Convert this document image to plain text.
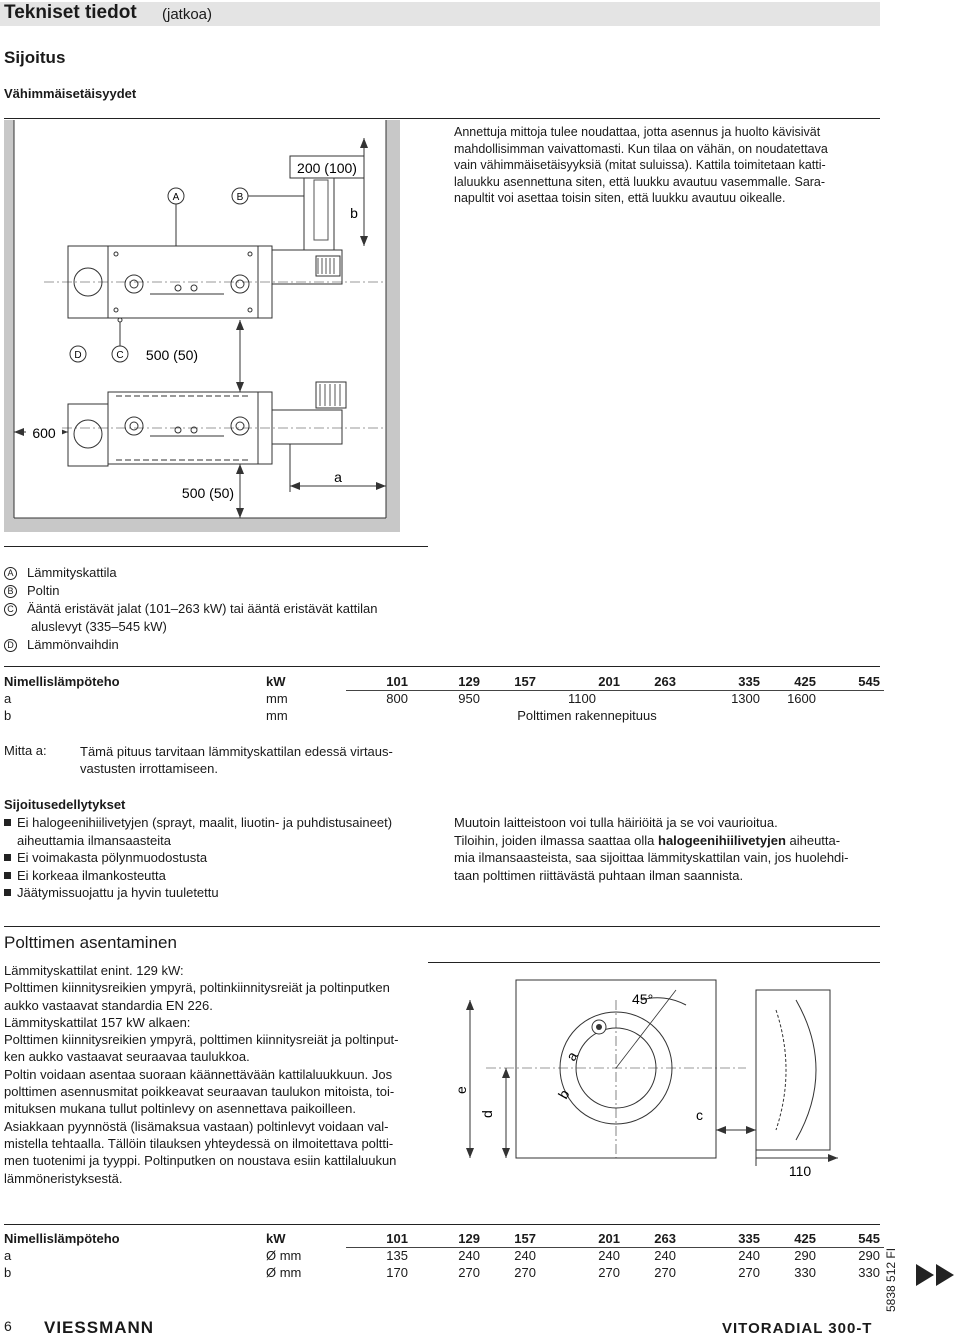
Tekniset tiedot (jatkoa)
Sijoitus
Vähimmäisetäisyydet
Annettuja mittoja tulee noudattaa, jotta asennus ja huolto kävisivät
mahdollisimman vaivattomasti. Kun tilaa on vähän, on noudatettava
vain vähimmäisetäisyyksiä (mitat suluissa). Kattila toimitetaan katti-
laluukku asennettuna siten, että luukku avautuu vasemmalle. Sara-
napultit voi asettaa toisin siten, että luukku avautuu oikealle.
A	B
200 (100)
b
D	C 500 (50)
600
500 (50)
a
A Lämmityskattila
B Poltin
C Ääntä eristävät jalat (101–263 kW) tai ääntä eristävät kattilan
aluslevyt (335–545 kW)
D Lämmönvaihdin
Nimellislämpöteho	kW	101	129	157	201	263	335	425	545
a	mm	800	950		1100		1300	1600	
b	mm	Polttimen rakennepituus							
Mitta a:	Tämä pituus tarvitaan lämmityskattilan edessä virtaus-
vastusten irrottamiseen.
Sijoitusedellytykset
Ei halogeenihiilivetyjen (sprayt, maalit, liuotin- ja puhdistusaineet)
aiheuttamia ilmansaasteita
Ei voimakasta pölynmuodostusta
Ei korkeaa ilmankosteutta
Jäätymissuojattu ja hyvin tuuletettu
Muutoin laitteistoon voi tulla häiriöitä ja se voi vaurioitua.
Tiloihin, joiden ilmassa saattaa olla halogeenihiilivetyjen aiheutta-
mia ilmansaasteista, saa sijoittaa lämmityskattilan vain, jos huolehdi-
taan polttimen riittävästä puhtaan ilman saannista.
Polttimen asentaminen
Lämmityskattilat enint. 129 kW:
Polttimen kiinnitysreikien ympyrä, poltinkiinnitysreiät ja poltinputken
aukko vastaavat standardia EN 226.
Lämmityskattilat 157 kW alkaen:
Polttimen kiinnitysreikien ympyrä, polttimen kiinnitysreiät ja poltinput-
ken aukko vastaavat seuraavaa taulukkoa.
Poltin voidaan asentaa suoraan käännettävään kattilaluukkuun. Jos
polttimen asennusmitat poikkeavat seuraavan taulukon mitoista, toi-
mituksen mukana tullut poltinlevy on asennettava paikoilleen.
Asiakkaan pyynnöstä (lisämaksua vastaan) poltinlevyt voidaan val-
mistella tehtaalla. Tällöin tilauksen yhteydessä on ilmoitettava poltti-
men tuotenimi ja tyyppi. Poltinputken on noustava esiin kattilaluukun
lämmöneristyksestä.
45°
a
b
d
e
c
110
Nimellislämpöteho	kW	101	129	157	201	263	335	425	545
a	Ø mm	135	240	240	240	240	240	290	290
b	Ø mm	170	270	270	270	270	270	330	330 5838 512 FI
6 VIESSMANN	VITORADIAL 300-T
